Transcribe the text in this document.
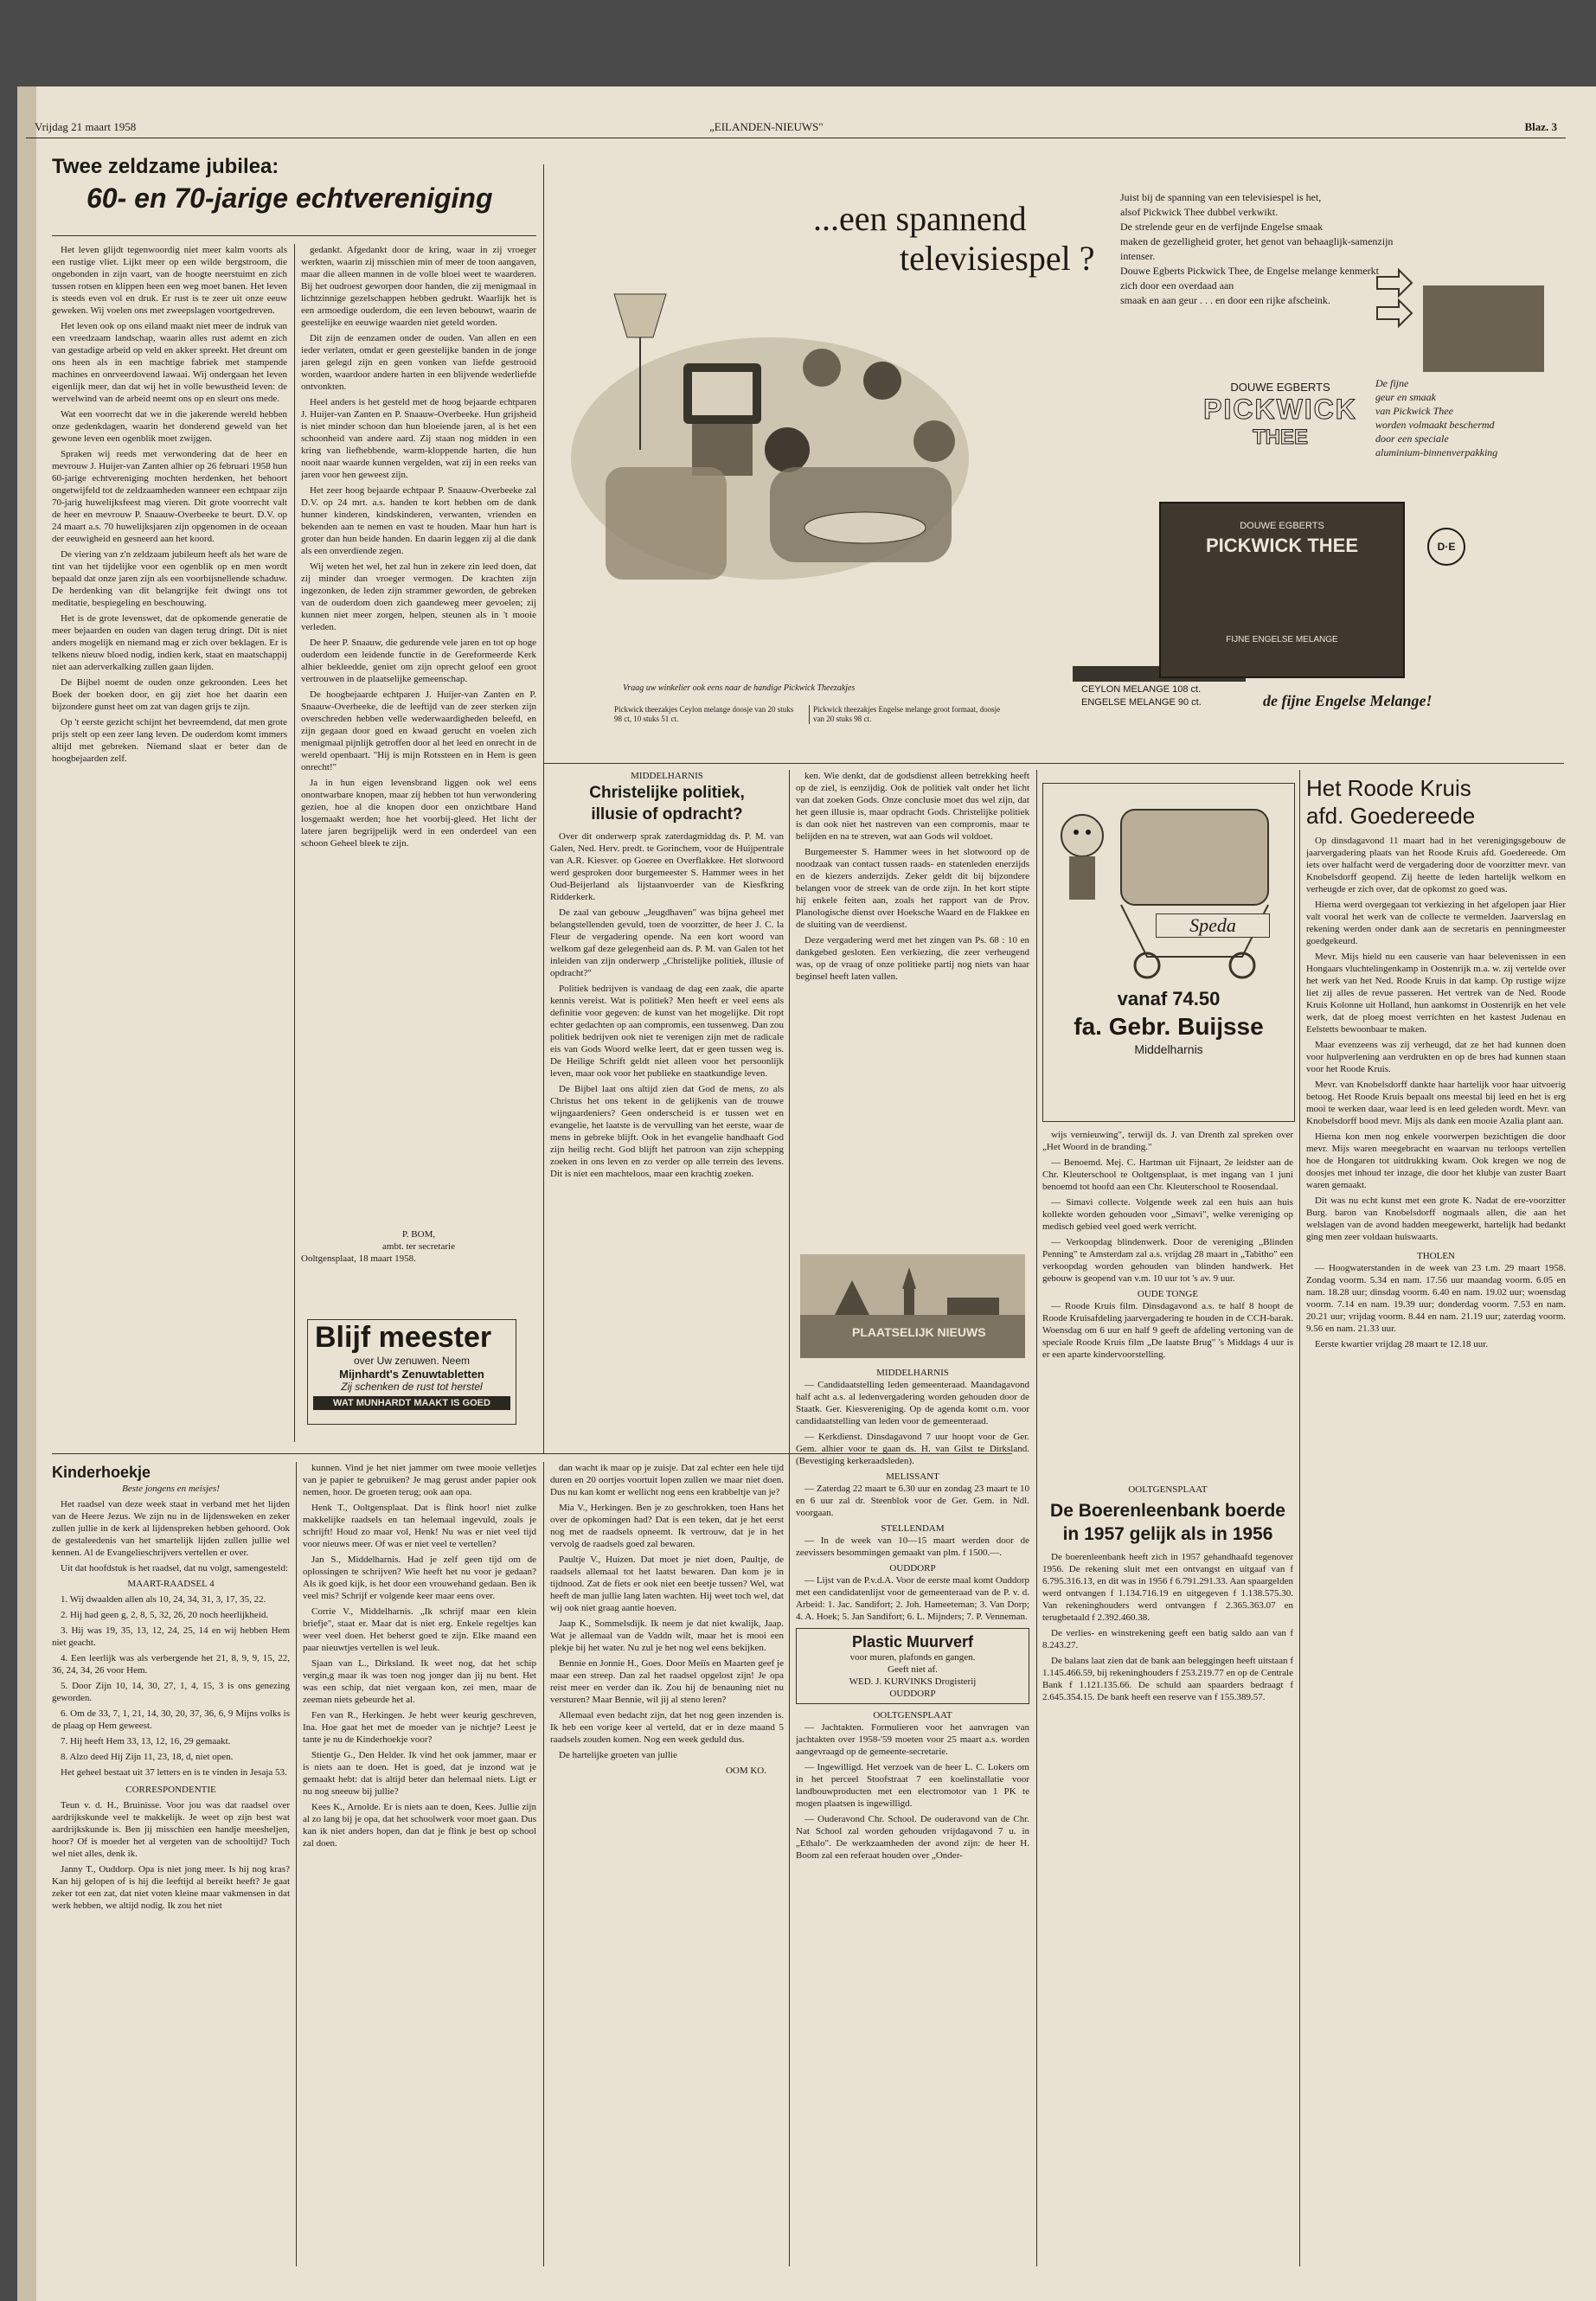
Vrijdag 21 maart 1958	„EILANDEN-NIEUWS"	Blaz. 3
Twee zeldzame jubilea:
60- en 70-jarige echtvereniging

Het leven glijdt tegenwoordig niet meer kalm voorts als een rustige vliet. Lijkt meer op een wilde bergstroom, die ongebonden in zijn vaart, van de hoogte neerstuimt en zich tussen rotsen en klippen heen een weg moet banen. Het leven is steeds even vol en druk. Er rust is te zeer uit onze eeuw geweken. Wij voelen ons met zweepslagen voortgedreven.

Het leven ook op ons eiland maakt niet meer de indruk van een vreedzaam landschap, waarin alles rust ademt en zich van gestadige arbeid op veld en akker spreekt. Het dreunt om ons heen als in een machtige fabriek met stampende machines en onrveerdovend lawaai. Wij ondergaan het leven eigenlijk meer, dan dat wij het in volle bewustheid leven: de wervelwind van de arbeid neemt ons op en sleurt ons mede.

Wat een voorrecht dat we in die jakerende wereld hebben onze gedenkdagen, waarin het donderend geweld van het gewone leven een ogenblik moet zwijgen.

Spraken wij reeds met verwondering dat de heer en mevrouw J. Huijer-van Zanten alhier op 26 februari 1958 hun 60-jarige echtvereniging mochten herdenken, het behoort ongetwijfeld tot de zeldzaamheden wanneer een echtpaar zijn 70-jarig huwelijksfeest mag vieren. Dit grote voorrecht valt de heer en mevrouw P. Snaauw-Overbeeke te beurt. D.V. op 24 maart a.s. 70 huwelijksjaren zijn opgenomen in de oceaan der eeuwigheid en gesneerd aan het koord.

De viering van z'n zeldzaam jubileum heeft als het ware de tint van het tijdelijke voor een ogenblik op en men wordt bepaald dat onze jaren zijn als een voorbijsnellende schaduw. De herdenking van dit belangrijke feit dwingt ons tot meditatie, bespiegeling en beschouwing.

Het is de grote levenswet, dat de opkomende generatie de meer bejaarden en ouden van dagen terug dringt. Dit is niet anders mogelijk en niemand mag er zich over beklagen. Er is telkens nieuw bloed nodig, indien kerk, staat en maatschappij niet aan aderverkalking zullen gaan lijden.

De Bijbel noemt de ouden onze gekroonden. Lees het Boek der boeken door, en gij ziet hoe het daarin een bijzondere gunst heet om zat van dagen grijs te zijn.

Op 't eerste gezicht schijnt het bevreemdend, dat men grote prijs stelt op een zeer lang leven. De ouderdom komt immers altijd met gebreken. Niemand slaat er beter dan de hoogbejaarden zelf.

gedankt. Afgedankt door de kring, waar in zij vroeger werkten, waarin zij misschien min of meer de toon aangaven, maar die alleen mannen in de volle bloei weet te waarderen. Bij het oudroest geworpen door handen, die zij menigmaal in lichtzinnige gezelschappen hebben gedrukt. Waarlijk het is een armoedige ouderdom, die een leven bebouwt, waarin de geestelijke en eeuwige waarden niet geteld worden.

Dit zijn de eenzamen onder de ouden. Van allen en een ieder verlaten, omdat er geen geestelijke banden in de jonge jaren gelegd zijn en geen vonken van liefde gestrooid worden, waardoor andere harten in een blijvende wederliefde ontvonkten.

Heel anders is het gesteld met de hoog bejaarde echtparen J. Huijer-van Zanten en P. Snaauw-Overbeeke. Hun grijsheid is niet minder schoon dan hun bloeiende jaren, al is het een schoonheid van andere aard. Zij staan nog midden in een kring van liefhebbende, warm-kloppende harten, die hun nooit naar waarde kunnen vergelden, wat zij in een reeks van jaren voor hen geweest zijn.

Het zeer hoog bejaarde echtpaar P. Snaauw-Overbeeke zal D.V. op 24 mrt. a.s. handen te kort hebben om de dank hunner kinderen, kindskinderen, verwanten, vrienden en bekenden aan te nemen en vast te houden. Maar hun hart is groter dan hun beide handen. En daarin leggen zij al die dank als een onverdiende zegen.

Wij weten het wel, het zal hun in zekere zin leed doen, dat zij minder dan vroeger vermogen. De krachten zijn ingezonken, de leden zijn strammer geworden, de gebreken van de ouderdom doen zich gaandeweg meer gevoelen; zij kunnen niet meer zorgen, helpen, steunen als in 't mooie verleden.

De heer P. Snaauw, die gedurende vele jaren en tot op hoge ouderdom een leidende functie in de Gereformeerde Kerk alhier bekleedde, geniet om zijn oprecht geloof een groot vertrouwen in de plaatselijke gemeenschap.

De hoogbejaarde echtparen J. Huijer-van Zanten en P. Snaauw-Overbeeke, die de leeftijd van de zeer sterken zijn overschreden hebben velle wederwaardigheden beleefd, en zijn gegaan door goed en kwaad gerucht en voelen zich menigmaal pijnlijk getroffen door al het leed en onrecht in de wereld openbaart. "Hij is mijn Rotssteen en in Hem is geen onrecht!"

Ja in hun eigen levensbrand liggen ook wel eens onontwarbare knopen, maar zij hebben tot hun verwondering gezien, hoe al die knopen door een onzichtbare Hand losgemaakt werden; hoe het voorbij-gleed. Het licht der latere jaren begrijpelijk werd in een onderdeel van een schoon Geheel bleek te zijn.

P. BOM,
ambt. ter secretarie
Ooltgensplaat, 18 maart 1958.
Blijf meester
over Uw zenuwen. Neem
Mijnhardt's Zenuwtabletten
Zij schenken de rust tot herstel
WAT MUNHARDT MAAKT IS GOED
Kinderhoekje
Beste jongens en meisjes!

Het raadsel van deze week staat in verband met het lijden van de Heere Jezus. We zijn nu in de lijdensweken en zeker zullen jullie in de kerk al lijdenspreken hebben gehoord. Ook de gestaleedenis van het smartelijk lijden zullen jullie wel kennen. Al de Evangelieschrijvers vertellen er over.

Uit dat hoofdstuk is het raadsel, dat nu volgt, samengesteld:

MAART-RAADSEL 4

1. Wij dwaalden allen als 10, 24, 34, 31, 3, 17, 35, 22.

2. Hij had geen g, 2, 8, 5, 32, 26, 20 noch heerlijkheid.

3. Hij was 19, 35, 13, 12, 24, 25, 14 en wij hebben Hem niet geacht.

4. Een leerlijk was als verbergende het 21, 8, 9, 9, 15, 22, 36, 24, 34, 26 voor Hem.

5. Door Zijn 10, 14, 30, 27, 1, 4, 15, 3 is ons genezing geworden.

6. Om de 33, 7, 1, 21, 14, 30, 20, 37, 36, 6, 9 Mijns volks is de plaag op Hem geweest.

7. Hij heeft Hem 33, 13, 12, 16, 29 gemaakt.

8. Alzo deed Hij Zijn 11, 23, 18, d, niet open.

Het geheel bestaat uit 37 letters en is te vinden in Jesaja 53.

CORRESPONDENTIE

Teun v. d. H., Bruinisse. Voor jou was dat raadsel over aardrijkskunde veel te makkelijk. Je weet op zijn best wat aardrijkskunde is. Ben jij misschien een handje meesheljen, hoor? Of is moeder het al vergeten van de schooltijd? Toch wel niet alles, denk ik.

Janny T., Ouddorp. Opa is niet jong meer. Is hij nog kras? Kan hij gelopen of is hij die leeftijd al bereikt heeft? Je gaat zeker tot een zat, dat niet voten kleine maar vakmensen in dat werk hebben, we altijd nodig. Ik zou het niet

kunnen. Vind je het niet jammer om twee mooie velletjes van je papier te gebruiken? Je mag gerust ander papier ook nemen, hoor. De groeten terug; ook aan opa.

Henk T., Ooltgensplaat. Dat is flink hoor! niet zulke makkelijke raadsels en tan helemaal ingevuld, zoals je schrijft! Houd zo maar vol, Henk! Nu was er niet veel tijd voor nieuws meer. Of was er niet veel te vertellen?

Jan S., Middelharnis. Had je zelf geen tijd om de oplossingen te schrijven? Wie heeft het nu voor je gedaan? Als ik goed kijk, is het door een vrouwehand gedaan. Ben ik veel mis? Schrijf er volgende keer maar eens over.

Corrie V., Middelharnis. „Ik schrijf maar een klein briefje", staat er. Maar dat is niet erg. Enkele regeltjes kan weer veel doen. Het beherst goed te zijn. Elke maand een paar nieuwtjes vertellen is wel leuk.

Sjaan van L., Dirksland. Ik weet nog, dat het schip vergin,g maar ik was toen nog jonger dan jij nu bent. Het was een schip, dat niet vergaan kon, zei men, maar de zeeman niets gebeurde het al.

Fen van R., Herkingen. Je hebt weer keurig geschreven, Ina. Hoe gaat het met de moeder van je nichtje? Leest je tante je nu de Kinderhoekje voor?

Stientje G., Den Helder. Ik vind het ook jammer, maar er is niets aan te doen. Het is goed, dat je inzond wat je gemaakt hebt: dat is altijd beter dan helemaal niets. Ligt er nu nog sneeuw bij jullie?

Kees K., Arnolde. Er is niets aan te doen, Kees. Jullie zijn al zo lang bij je opa, dat het schoolwerk voor moet gaan. Dus kan ik niet anders hopen, dan dat je flink je best op school zal doen.

dan wacht ik maar op je zuisje. Dat zal echter een hele tijd duren en 20 oortjes voortuit lopen zullen we maar niet doen. Dus nu kan komt er wellicht nog eens een krabbeltje van je?

Mia V., Herkingen. Ben je zo geschrokken, toen Hans het over de opkomingen had? Dat is een teken, dat je het eerst nog met de raadsels opneemt. Ik vertrouw, dat je in het vervolg de raadsels goed zal bewaren.

Paultje V., Huizen. Dat moet je niet doen, Paultje, de raadsels allemaal tot het laatst bewaren. Dan kom je in tijdnood. Zat de fiets er ook niet een beetje tussen? Wel, wat heeft de man jullie lang laten wachten. Hij weet toch wel, dat wij ook niet graag aantie hoeven.

Jaap K., Sommelsdijk. Ik neem je dat niet kwalijk, Jaap. Wat je allemaal van de Vaddn wilt, maar het is mooi een plekje bij het water. Nu zul je het nog wel eens bekijken.

Bennie en Jonnie H., Goes. Door Meiïs en Maarten geef je maar een streep. Dan zal het raadsel opgelost zijn! Je opa reist meer en verder dan ik. Zou hij de benauning niet nu versturen? Maar Bennie, wil jij al steno leren?

Allemaal even bedacht zijn, dat het nog geen inzenden is. Ik heb een vorige keer al verteld, dat er in deze maand 5 raadsels zouden komen. Nog een week geduld dus.

De hartelijke groeten van jullie

OOM KO.
...een spannend
televisiespel ?
Juist bij de spanning van een televisiespel is het,
alsof Pickwick Thee dubbel verkwikt.
De strelende geur en de verfijnde Engelse smaak
maken de gezelligheid groter, het genot van behaaglijk-samenzijn intenser.
Douwe Egberts Pickwick Thee, de Engelse melange kenmerkt zich door een overdaad aan
smaak en aan geur . . . en door een rijke afscheink.
DOUWE EGBERTS
PICKWICK
THEE
De fijne
geur en smaak
van Pickwick Thee
worden volmaakt beschermd
door een speciale
aluminium-binnenverpakking
DOUWE EGBERTS
PICKWICK THEE
FIJNE ENGELSE MELANGE
D·E
Vraag uw winkelier ook eens naar de handige Pickwick Theezakjes
Pickwick theezakjes Ceylon melange doosje van 20 stuks 98 ct, 10 stuks 51 ct.
Pickwick theezakjes Engelse melange groot formaat, doosje van 20 stuks 98 ct.
CEYLON MELANGE 108 ct.
ENGELSE MELANGE 90 ct.	de fijne Engelse Melange!
MIDDELHARNIS
Christelijke politiek,
illusie of opdracht?

Over dit onderwerp sprak zaterdagmiddag ds. P. M. van Galen, Ned. Herv. predt. te Gorinchem, voor de Huijpentrale van A.R. Kiesver. op Goeree en Overflakkee. Het slotwoord werd gesproken door burgemeester S. Hammer wees in het Oud-Beijerland als lijstaanvoerder van de Kiesfkring Ridderkerk.

De zaal van gebouw „Jeugdhaven" was bijna geheel met belangstellenden gevuld, toen de voorzitter, de heer J. C. la Fleur de vergadering opende. Na een kort woord van welkom gaf deze gelegenheid aan ds. P. M. van Galen tot het inleiden van zijn onderwerp „Christelijke politiek, illusie of opdracht?"

Politiek bedrijven is vandaag de dag een zaak, die aparte kennis vereist. Wat is politiek? Men heeft er veel eens als definitie voor gegeven: de kunst van het mogelijke. Dit ropt echter gedachten op aan compromis, een tussenweg. Dan zou politiek bedrijven ook niet te verenigen zijn met de radicale eis van Gods Woord welke leert, dat er geen tussen weg is. De Heilige Schrift geldt niet alleen voor het persoonlijk leven, maar ook voor het publieke en staatkundige leven.

De Bijbel laat ons altijd zien dat God de mens, zo als Christus het ons tekent in de gelijkenis van de trouwe wijngaardeniers? Geen onderscheid is er tussen wet en evangelie, het laatste is de vervulling van het eerste, waar de mens in gebreke blijft. Ook in het evangelie handhaaft God zijn heilig recht. God blijft het patroon van zijn schepping zoeken in ons leven en zo verder op alle terrein des levens. Dit is niet een machteloos, maar een krachtig zoeken.

ken. Wie denkt, dat de godsdienst alleen betrekking heeft op de ziel, is eenzijdig. Ook de politiek valt onder het licht van dat zoeken Gods. Onze conclusie moet dus wel zijn, dat het geen illusie is, maar opdracht Gods. Christelijke politiek is dan ook niet het nastreven van een compromis, maar te belijden en na te streven, wat aan Gods wil voldoet.

Burgemeester S. Hammer wees in het slotwoord op de noodzaak van contact tussen raads- en statenleden enerzijds en de kiezers anderzijds. Zeker geldt dit bij bijzondere belangen voor de streek van de orde zijn. In het kort stipte hij enkele feiten aan, zoals het rapport van de Prov. Planologische dienst over Hoeksche Waard en de Flakkee en de sluiting van de veerdienst.

Deze vergadering werd met het zingen van Ps. 68 : 10 en dankgebed gesloten. Een verkiezing, die zeer verheugend was, op de vraag of onze politieke partij nog niets van haar beginsel heeft laten vallen.

PLAATSELIJK NIEUWS
MIDDELHARNIS

— Candidaatstelling leden gemeenteraad. Maandagavond half acht a.s. al ledenvergadering worden gehouden door de Staatk. Ger. Kiesvereniging. Op de agenda komt o.m. voor candidaatstelling van leden voor de gemeenteraad.

— Kerkdienst. Dinsdagavond 7 uur hoopt voor de Ger. Gem. alhier voor te gaan ds. H. van Gilst te Dirksland. (Bevestiging kerkeraadsleden).

MELISSANT

— Zaterdag 22 maart te 6.30 uur en zondag 23 maart te 10 en 6 uur zal dr. Steenblok voor de Ger. Gem. in Ndl. voorgaan.

STELLENDAM

— In de week van 10—15 maart werden door de zeevissers besommingen gemaakt van plm. f 1500.—.

OUDDORP

— Lijst van de P.v.d.A. Voor de eerste maal komt Ouddorp met een candidatenlijst voor de gemeenteraad van de P. v. d. Arbeid: 1. Jac. Sandifort; 2. Joh. Hameeteman; 3. Van Dorp; 4. A. Hoek; 5. Jan Sandifort; 6. L. Mijnders; 7. P. Venneman.

Plastic Muurverf
voor muren, plafonds en gangen.
Geeft niet af.
WED. J. KURVINKS Drogisterij
OUDDORP
OOLTGENSPLAAT

— Jachtakten. Formulieren voor het aanvragen van jachtakten over 1958-'59 moeten voor 25 maart a.s. worden aangevraagd op de gemeente-secretarie.

— Ingewilligd. Het verzoek van de heer L. C. Lokers om in het perceel Stoofstraat 7 een koelinstallatie voor landbouwproducten met een electromotor van 1 PK te mogen plaatsen is ingewilligd.

— Ouderavond Chr. School. De ouderavond van de Chr. Nat School zal worden gehouden vrijdagavond 7 u. in „Ethalo". De werkzaamheden der avond zijn: de heer H. Boom zal een referaat houden over „Onder-

Speda
vanaf 74.50
fa. Gebr. Buijsse
Middelharnis

wijs vernieuwing", terwijl ds. J. van Drenth zal spreken over „Het Woord in de branding."

— Benoemd. Mej. C. Hartman uit Fijnaart, 2e leidster aan de Chr. Kleuterschool te Ooltgensplaat, is met ingang van 1 juni benoemd tot hoofd aan een Chr. Kleuterschool te Roosendaal.

— Simavi collecte. Volgende week zal een huis aan huis kollekte worden gehouden voor „Simavi", welke vereniging op medisch gebied veel goed werk verricht.

— Verkoopdag blindenwerk. Door de vereniging „Blinden Penning" te Amsterdam zal a.s. vrijdag 28 maart in „Tabitho" een verkoopdag worden gehouden van blinden handwerk. Het gebouw is geopend van v.m. 10 uur tot 's av. 9 uur.

OUDE TONGE

— Roode Kruis film. Dinsdagavond a.s. te half 8 hoopt de Roode Kruisafdeling jaarvergadering te houden in de CCH-barak. Woensdag om 6 uur en half 9 geeft de afdeling vertoning van de speciale Roode Kruis film „De laatste Brug" 's Middags 4 uur is er een aparte kindervoorstelling.

OOLTGENSPLAAT
De Boerenleenbank boerde in 1957 gelijk als in 1956

De boerenleenbank heeft zich in 1957 gehandhaafd tegenover 1956. De rekening sluit met een ontvangst en uitgaaf van f 6.795.316.13, en dit was in 1956 f 6.791.291.33. Aan spaargelden werd ontvangen f 1.134.716.19 en uitgegeven f 1.138.575.30. Van rekeninghouders werd ontvangen f 2.365.363.07 en terugbetaald f 2.392.460.38.

De verlies- en winstrekening geeft een batig saldo aan van f 8.243.27.

De balans laat zien dat de bank aan beleggingen heeft uitstaan f 1.145.466.59, bij rekeninghouders f 253.219.77 en op de Centrale Bank f 1.121.135.66. De schuld aan spaarders bedraagt f 2.645.354.15. De bank heeft een reserve van f 155.389.57.

Het Roode Kruis
afd. Goedereede

Op dinsdagavond 11 maart had in het verenigingsgebouw de jaarvergadering plaats van het Roode Kruis afd. Goedereede. Om iets over halfacht werd de vergadering door de voorzitter mevr. van Knobelsdorff geopend. Zij heette de leden hartelijk welkom en verheugde er zich over, dat de opkomst zo goed was.

Hierna werd overgegaan tot verkiezing in het afgelopen jaar Hier valt vooral het werk van de collecte te vermelden. Jaarverslag en rekening werden onder dank aan de secretaris en penningmeester goedgekeurd.

Mevr. Mijs hield nu een causerie van haar belevenissen in een Hongaars vluchtelingenkamp in Oostenrijk m.a. w. zij vertelde over het werk van het Ned. Roode Kruis in dat kamp. Op rustige wijze liet zij alles de revue passeren. Het vertrek van de Ned. Roode Kruis Kolonne uit Holland, hun aankomst in Oostenrijk en het vele werk, dat de ploeg moest verrichten en het kastest Judenau en Eelstetts bewoonbaar te maken.

Maar evenzeens was zij verheugd, dat ze het had kunnen doen voor hulpverlening aan verdrukten en op de bres had kunnen staan voor het Roode Kruis.

Mevr. van Knobelsdorff dankte haar hartelijk voor haar uitvoerig betoog. Het Roode Kruis bepaalt ons meestal bij leed en het is erg mooi te werken daar, waar leed is en leed geleden wordt. Mevr. van Knobelsdorff bood mevr. Mijs als dank een mooie Azalia plant aan.

Hierna kon men nog enkele voorwerpen bezichtigen die door mevr. Mijs waren meegebracht en waarvan nu terloops vertellen hoe de Hongaren tot uitdrukking kwam. Ook kregen we nog de doosjes met inhoud ter inzage, die door het klubje van zuster Baart waren gemaakt.

Dit was nu echt kunst met een grote K. Nadat de ere-voorzitter Burg. baron van Knobelsdorff nogmaals allen, die aan het welslagen van de avond hadden meegewerkt, hartelijk had bedankt ging men zeer voldaan huiswaarts.

THOLEN

— Hoogwaterstanden in de week van 23 t.m. 29 maart 1958. Zondag voorm. 5.34 en nam. 17.56 uur maandag voorm. 6.05 en nam. 18.28 uur; dinsdag voorm. 6.40 en nam. 19.02 uur; woensdag voorm. 7.14 en nam. 19.39 uur; donderdag voorm. 7.53 en nam. 20.21 uur; vrijdag voorm. 8.44 en nam. 21.19 uur; zaterdag voorm. 9.56 en nam. 21.33 uur.

Eerste kwartier vrijdag 28 maart te 12.18 uur.
